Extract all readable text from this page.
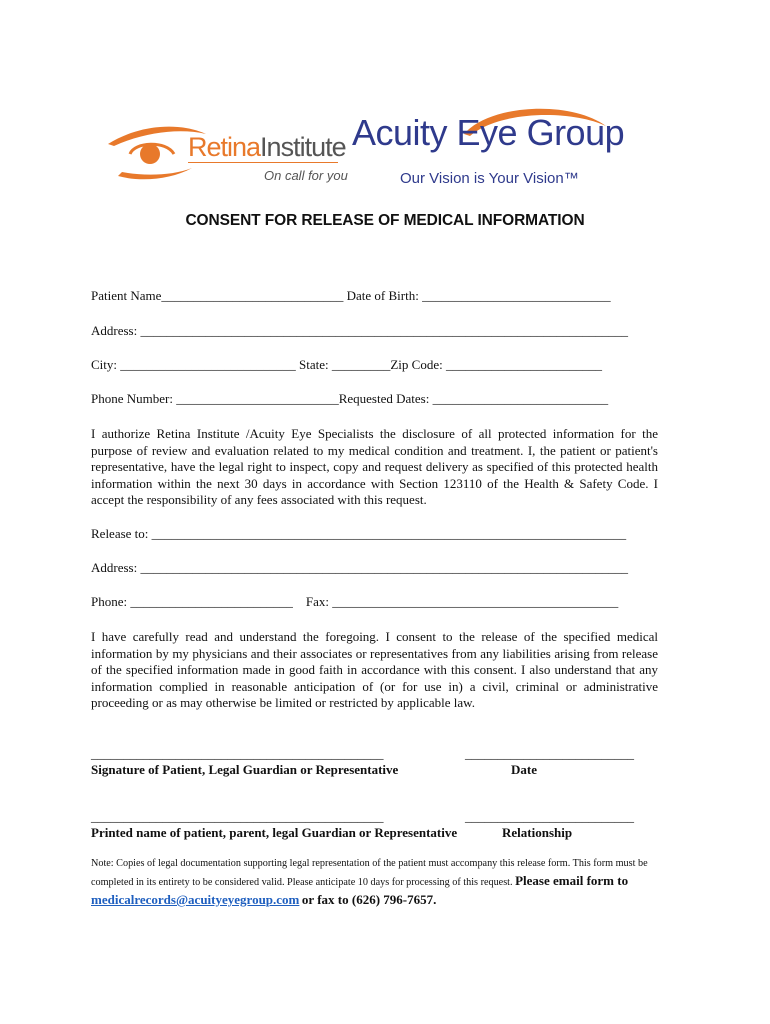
RetinaInstitute
On call for you
Acuity Eye Group
Our Vision is Your Vision™
CONSENT FOR RELEASE OF MEDICAL INFORMATION
Patient Name____________________________ Date of Birth: _____________________________
Address: ___________________________________________________________________________
City: ___________________________ State: _________Zip Code: ________________________
Phone Number: _________________________Requested Dates: ___________________________
I authorize Retina Institute /Acuity Eye Specialists the disclosure of all protected information for the purpose of review and evaluation related to my medical condition and treatment. I, the patient or patient's representative, have the legal right to inspect, copy and request delivery as specified of this protected health information within the next 30 days in accordance with Section 123110 of the Health & Safety Code. I accept the responsibility of any fees associated with this request.
Release to: _________________________________________________________________________
Address: ___________________________________________________________________________
Phone: _________________________    Fax: ____________________________________________
I have carefully read and understand the foregoing. I consent to the release of the specified medical information by my physicians and their associates or representatives from any liabilities arising from release of the specified information made in good faith in accordance with this consent. I also understand that any information complied in reasonable anticipation of (or for use in) a civil, criminal or administrative proceeding or as may otherwise be limited or restricted by applicable law.
_____________________________________________	__________________________
Signature of Patient, Legal Guardian or Representative	Date
_____________________________________________	__________________________
Printed name of patient, parent, legal Guardian or Representative	Relationship
Note: Copies of legal documentation supporting legal representation of the patient must accompany this release form. This form must be completed in its entirety to be considered valid. Please anticipate 10 days for processing of this request. Please email form to medicalrecords@acuityeyegroup.com or fax to (626) 796-7657.
